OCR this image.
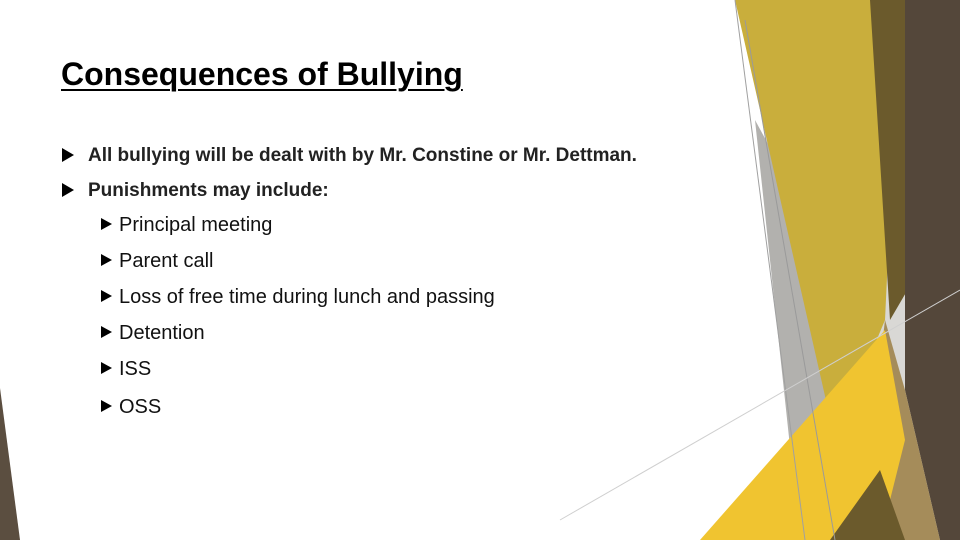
Consequences of Bullying
All bullying will be dealt with by Mr. Constine or Mr. Dettman.
Punishments may include:
Principal meeting
Parent call
Loss of free time during lunch and passing
Detention
ISS
OSS
